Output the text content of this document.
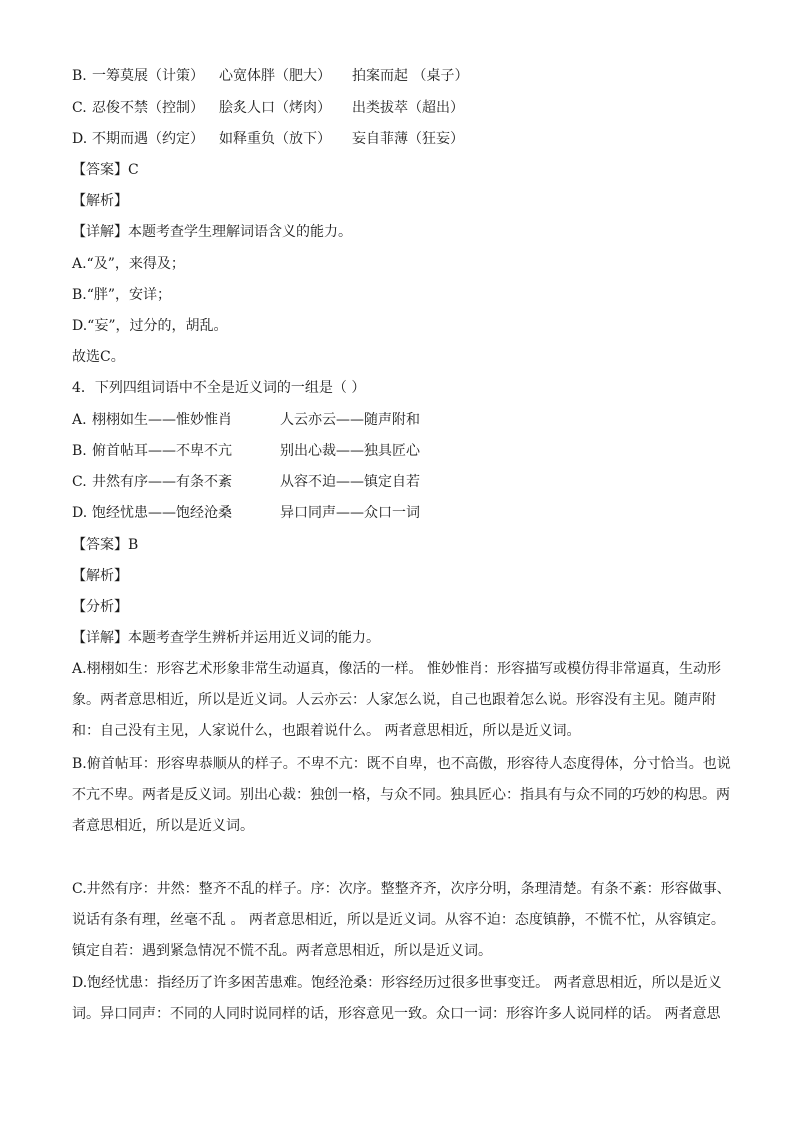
B. 一筹莫展（计策） 心宽体胖（肥大） 拍案而起 （桌子）
C. 忍俊不禁（控制） 脍炙人口（烤肉） 出类拔萃（超出）
D. 不期而遇（约定） 如释重负（放下） 妄自菲薄（狂妄）
【答案】C
【解析】
【详解】本题考查学生理解词语含义的能力。
A.“及”，来得及；
B.“胖”，安详；
D.“妄”，过分的，胡乱。
故选C。
4．下列四组词语中不全是近义词的一组是（ ）
A. 栩栩如生——惟妙惟肖	人云亦云——随声附和
B. 俯首帖耳——不卑不亢	别出心裁——独具匠心
C. 井然有序——有条不紊	从容不迫——镇定自若
D. 饱经忧患——饱经沧桑	异口同声——众口一词
【答案】B
【解析】
【分析】
【详解】本题考查学生辨析并运用近义词的能力。
A.栩栩如生：形容艺术形象非常生动逼真，像活的一样。 惟妙惟肖：形容描写或模仿得非常逼真，生动形象。两者意思相近，所以是近义词。人云亦云：人家怎么说，自己也跟着怎么说。形容没有主见。随声附和：自己没有主见，人家说什么，也跟着说什么。 两者意思相近，所以是近义词。
B.俯首帖耳：形容卑恭顺从的样子。不卑不亢：既不自卑，也不高傲，形容待人态度得体，分寸恰当。也说不亢不卑。两者是反义词。别出心裁：独创一格，与众不同。独具匠心：指具有与众不同的巧妙的构思。两者意思相近，所以是近义词。
C.井然有序：井然：整齐不乱的样子。序：次序。整整齐齐，次序分明，条理清楚。有条不紊：形容做事、说话有条有理，丝毫不乱 。 两者意思相近，所以是近义词。从容不迫：态度镇静，不慌不忙，从容镇定。镇定自若：遇到紧急情况不慌不乱。两者意思相近，所以是近义词。
D.饱经忧患：指经历了许多困苦患难。饱经沧桑：形容经历过很多世事变迁。 两者意思相近，所以是近义词。异口同声：不同的人同时说同样的话，形容意见一致。众口一词：形容许多人说同样的话。 两者意思
